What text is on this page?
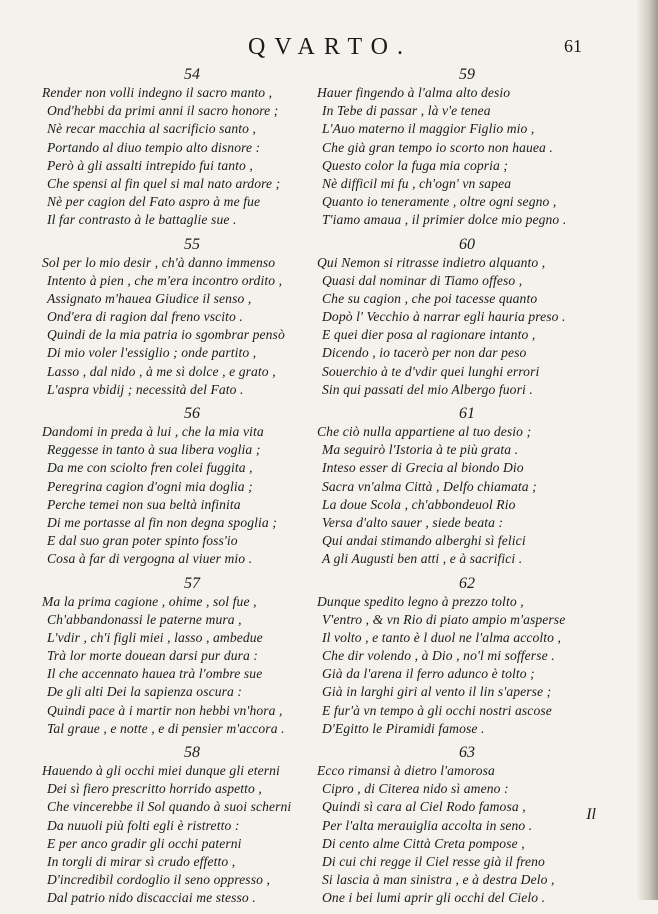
QVARTO.	61
54
Render non volli indegno il sacro manto ,
Ond'hebbi da primi anni il sacro honore ;
Nè recar macchia al sacrificio santo ,
Portando al diuo tempio alto disnore :
Però à gli assalti intrepido fui tanto ,
Che spensi al fin quel si mal nato ardore ;
Nè per cagion del Fato aspro à me fue
Il far contrasto à le battaglie sue .
55
Sol per lo mio desir , ch'à danno immenso
Intento à pien , che m'era incontro ordito ,
Assignato m'hauea Giudice il senso ,
Ond'era di ragion dal freno vscito .
Quindi de la mia patria io sgombrar pensò
Di mio voler l'essiglio ; onde partito ,
Lasso , dal nido , à me sì dolce , e grato ,
L'aspra vbidij ; necessità del Fato .
56
Dandomi in preda à lui , che la mia vita
Reggesse in tanto à sua libera voglia ;
Da me con sciolto fren colei fuggita ,
Peregrina cagion d'ogni mia doglia ;
Perche temei non sua beltà infinita
Di me portasse al fin non degna spoglia ;
E dal suo gran poter spinto foss'io
Cosa à far di vergogna al viuer mio .
57
Ma la prima cagione , ohime , sol fue ,
Ch'abbandonassi le paterne mura ,
L'vdir , ch'i figli miei , lasso , ambedue
Trà lor morte douean darsi pur dura :
Il che accennato hauea trà l'ombre sue
De gli alti Dei la sapienza oscura :
Quindi pace à i martir non hebbi vn'hora ,
Tal graue , e notte , e di pensier m'accora .
58
Hauendo à gli occhi miei dunque gli eterni
Dei sì fiero prescritto horrido aspetto ,
Che vincerebbe il Sol quando à suoi scherni
Da nuuoli più folti egli è ristretto :
E per anco gradir gli occhi paterni
In torgli di mirar sì crudo effetto ,
D'incredibil cordoglio il seno oppresso ,
Dal patrio nido discacciai me stesso .
59
Hauer fingendo à l'alma alto desio
In Tebe di passar , là v'e tenea
L'Auo materno il maggior Figlio mio ,
Che già gran tempo io scorto non hauea .
Questo color la fuga mia copria ;
Nè difficil mi fu , ch'ogn' vn sapea
Quanto io teneramente , oltre ogni segno ,
T'iamo amaua , il primier dolce mio pegno .
60
Qui Nemon si ritrasse indietro alquanto ,
Quasi dal nominar di Tiamo offeso ,
Che su cagion , che poi tacesse quanto
Dopò l' Vecchio à narrar egli hauria preso .
E quei dier posa al ragionare intanto ,
Dicendo , io tacerò per non dar peso
Souerchio à te d'vdir quei lunghi errori
Sin qui passati del mio Albergo fuori .
61
Che ciò nulla appartiene al tuo desio ;
Ma seguirò l'Istoria à te più grata .
Inteso esser di Grecia al biondo Dio
Sacra vn'alma Città , Delfo chiamata ;
La doue Scola , ch'abbondeuol Rio
Versa d'alto sauer , siede beata :
Qui andai stimando alberghi sì felici
A gli Augusti ben atti , e à sacrifici .
62
Dunque spedito legno à prezzo tolto ,
V'entro , & vn Rio di piato ampio m'asperse
Il volto , e tanto è l duol ne l'alma accolto ,
Che dir volendo , à Dio , no'l mi sofferse .
Già da l'arena il ferro adunco è tolto ;
Già in larghi giri al vento il lin s'aperse ;
E fur'à vn tempo à gli occhi nostri ascose
D'Egitto le Piramidi famose .
63
Ecco rimansi à dietro l'amorosa
Cipro , di Citerea nido sì ameno :
Quindi sì cara al Ciel Rodo famosa ,
Per l'alta merauiglia accolta in seno .
Di cento alme Città Creta pompose ,
Di cui chi regge il Ciel resse già il freno
Si lascia à man sinistra , e à destra Delo ,
One i bei lumi aprir gli occhi del Cielo .
Il
